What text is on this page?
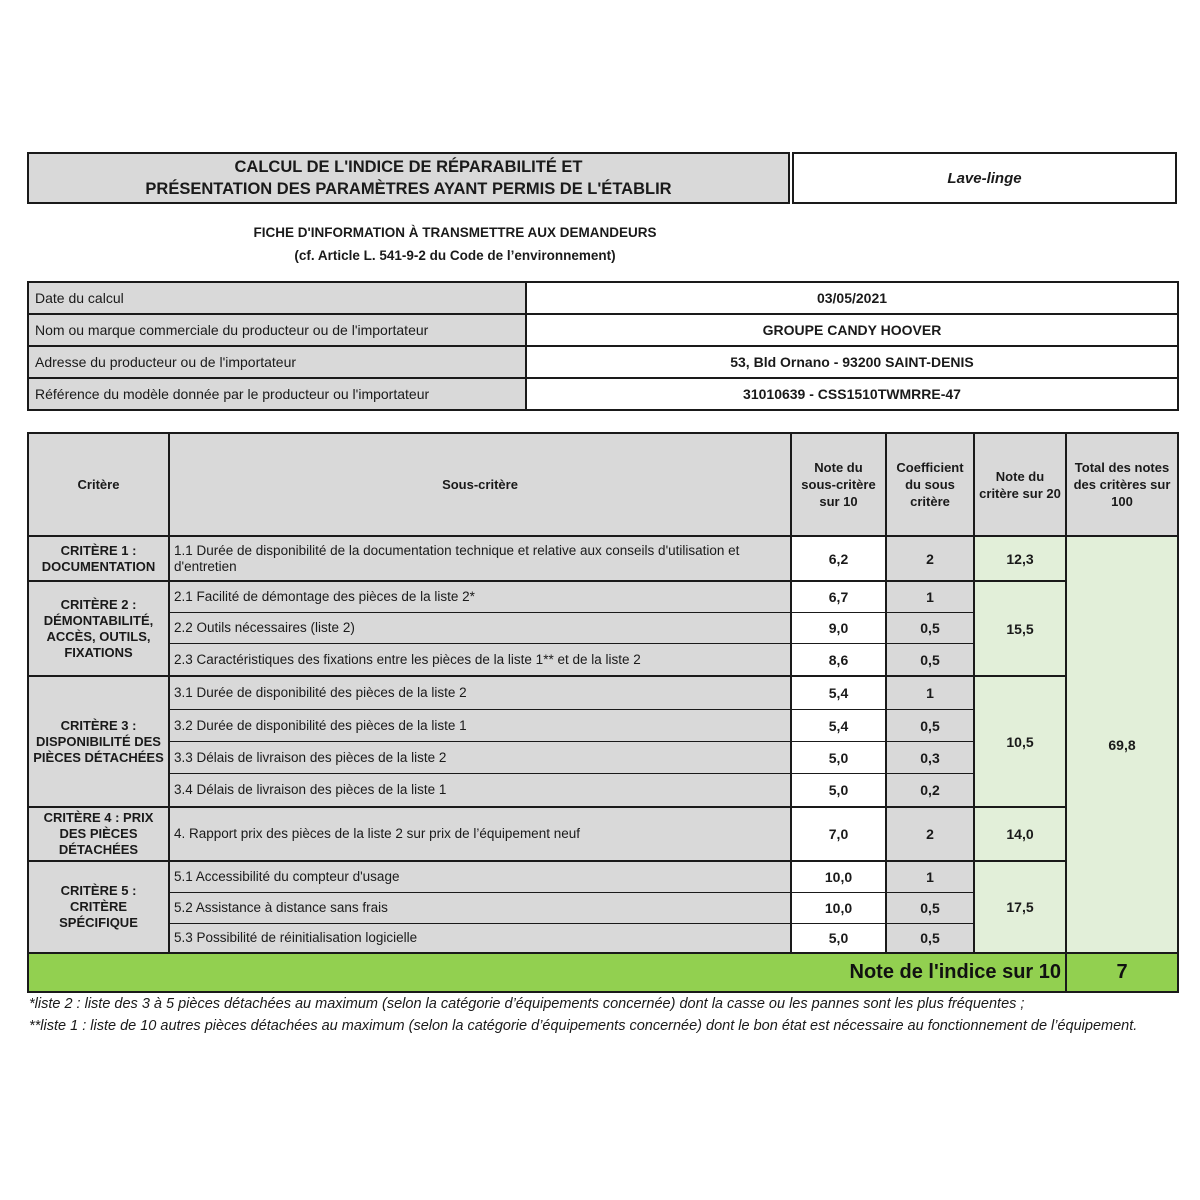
CALCUL DE L'INDICE DE RÉPARABILITÉ ET
PRÉSENTATION DES PARAMÈTRES AYANT PERMIS DE L'ÉTABLIR
Lave-linge
FICHE D'INFORMATION À TRANSMETTRE AUX DEMANDEURS
(cf. Article L. 541-9-2 du Code de l’environnement)
Date du calcul	03/05/2021
Nom ou marque commerciale du producteur ou de l'importateur	GROUPE CANDY HOOVER
Adresse du producteur ou de l'importateur	53, Bld Ornano - 93200 SAINT-DENIS
Référence du modèle donnée par le producteur ou l'importateur	31010639 - CSS1510TWMRRE-47
Critère	Sous-critère	Note du sous-critère sur 10	Coefficient du sous critère	Note du critère sur 20	Total des notes des critères sur 100
CRITÈRE 1 : DOCUMENTATION	1.1 Durée de disponibilité de la documentation technique et relative aux conseils d'utilisation et d'entretien	6,2	2	12,3	69,8
CRITÈRE 2 : DÉMONTABILITÉ, ACCÈS, OUTILS, FIXATIONS	2.1 Facilité de démontage des pièces de la liste 2*	6,7	1	15,5	
	2.2 Outils nécessaires (liste 2)	9,0	0,5		
	2.3 Caractéristiques des fixations entre les pièces de la liste 1** et de la liste 2	8,6	0,5		
CRITÈRE 3 : DISPONIBILITÉ DES PIÈCES DÉTACHÉES	3.1 Durée de disponibilité des pièces de la liste 2	5,4	1	10,5	
	3.2 Durée de disponibilité des pièces de la liste 1	5,4	0,5		
	3.3 Délais de livraison des pièces de la liste 2	5,0	0,3		
	3.4 Délais de livraison des pièces de la liste 1	5,0	0,2		
CRITÈRE 4 : PRIX DES PIÈCES DÉTACHÉES	4. Rapport prix des pièces de la liste 2 sur prix de l’équipement neuf	7,0	2	14,0	
CRITÈRE 5 : CRITÈRE SPÉCIFIQUE	5.1 Accessibilité du compteur d'usage	10,0	1	17,5	
	5.2 Assistance à distance sans frais	10,0	0,5		
	5.3 Possibilité de réinitialisation logicielle	5,0	0,5		
Note de l'indice sur 10					7
*liste 2 : liste des 3 à 5 pièces détachées au maximum (selon la catégorie d’équipements concernée) dont la casse ou les pannes sont les plus fréquentes ;
**liste 1 : liste de 10 autres pièces détachées au maximum (selon la catégorie d’équipements concernée) dont le bon état est nécessaire au fonctionnement de l’équipement.
